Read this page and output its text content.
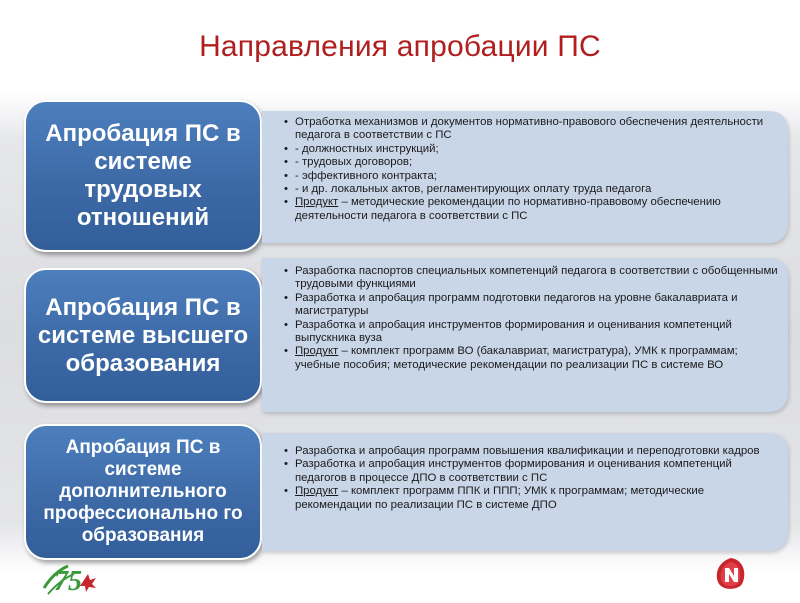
Направления апробации ПС
Апробация ПС в системе трудовых отношений
• Отработка механизмов и документов нормативно-правового обеспечения деятельности педагога в соответствии с ПС
• - должностных инструкций;
• - трудовых договоров;
• - эффективного контракта;
• - и др. локальных актов, регламентирующих оплату труда педагога
• Продукт – методические рекомендации по нормативно-правовому обеспечению деятельности педагога в соответствии с ПС
Апробация ПС в системе высшего образования
• Разработка паспортов специальных компетенций педагога в соответствии с обобщенными трудовыми функциями
• Разработка и апробация программ подготовки педагогов на уровне бакалавриата и магистратуры
• Разработка и апробация инструментов формирования и оценивания компетенций выпускника вуза
• Продукт – комплект программ ВО (бакалавриат, магистратура), УМК к программам; учебные пособия; методические рекомендации по реализации ПС в системе ВО
Апробация ПС в системе дополнительного профессионально го образования
• Разработка и апробация программ повышения квалификации и переподготовки кадров
• Разработка и апробация инструментов формирования и оценивания компетенций педагогов в процессе ДПО в соответствии с ПС
• Продукт – комплект программ ППК и ППП; УМК к программам; методические рекомендации по реализации ПС в системе ДПО
75
